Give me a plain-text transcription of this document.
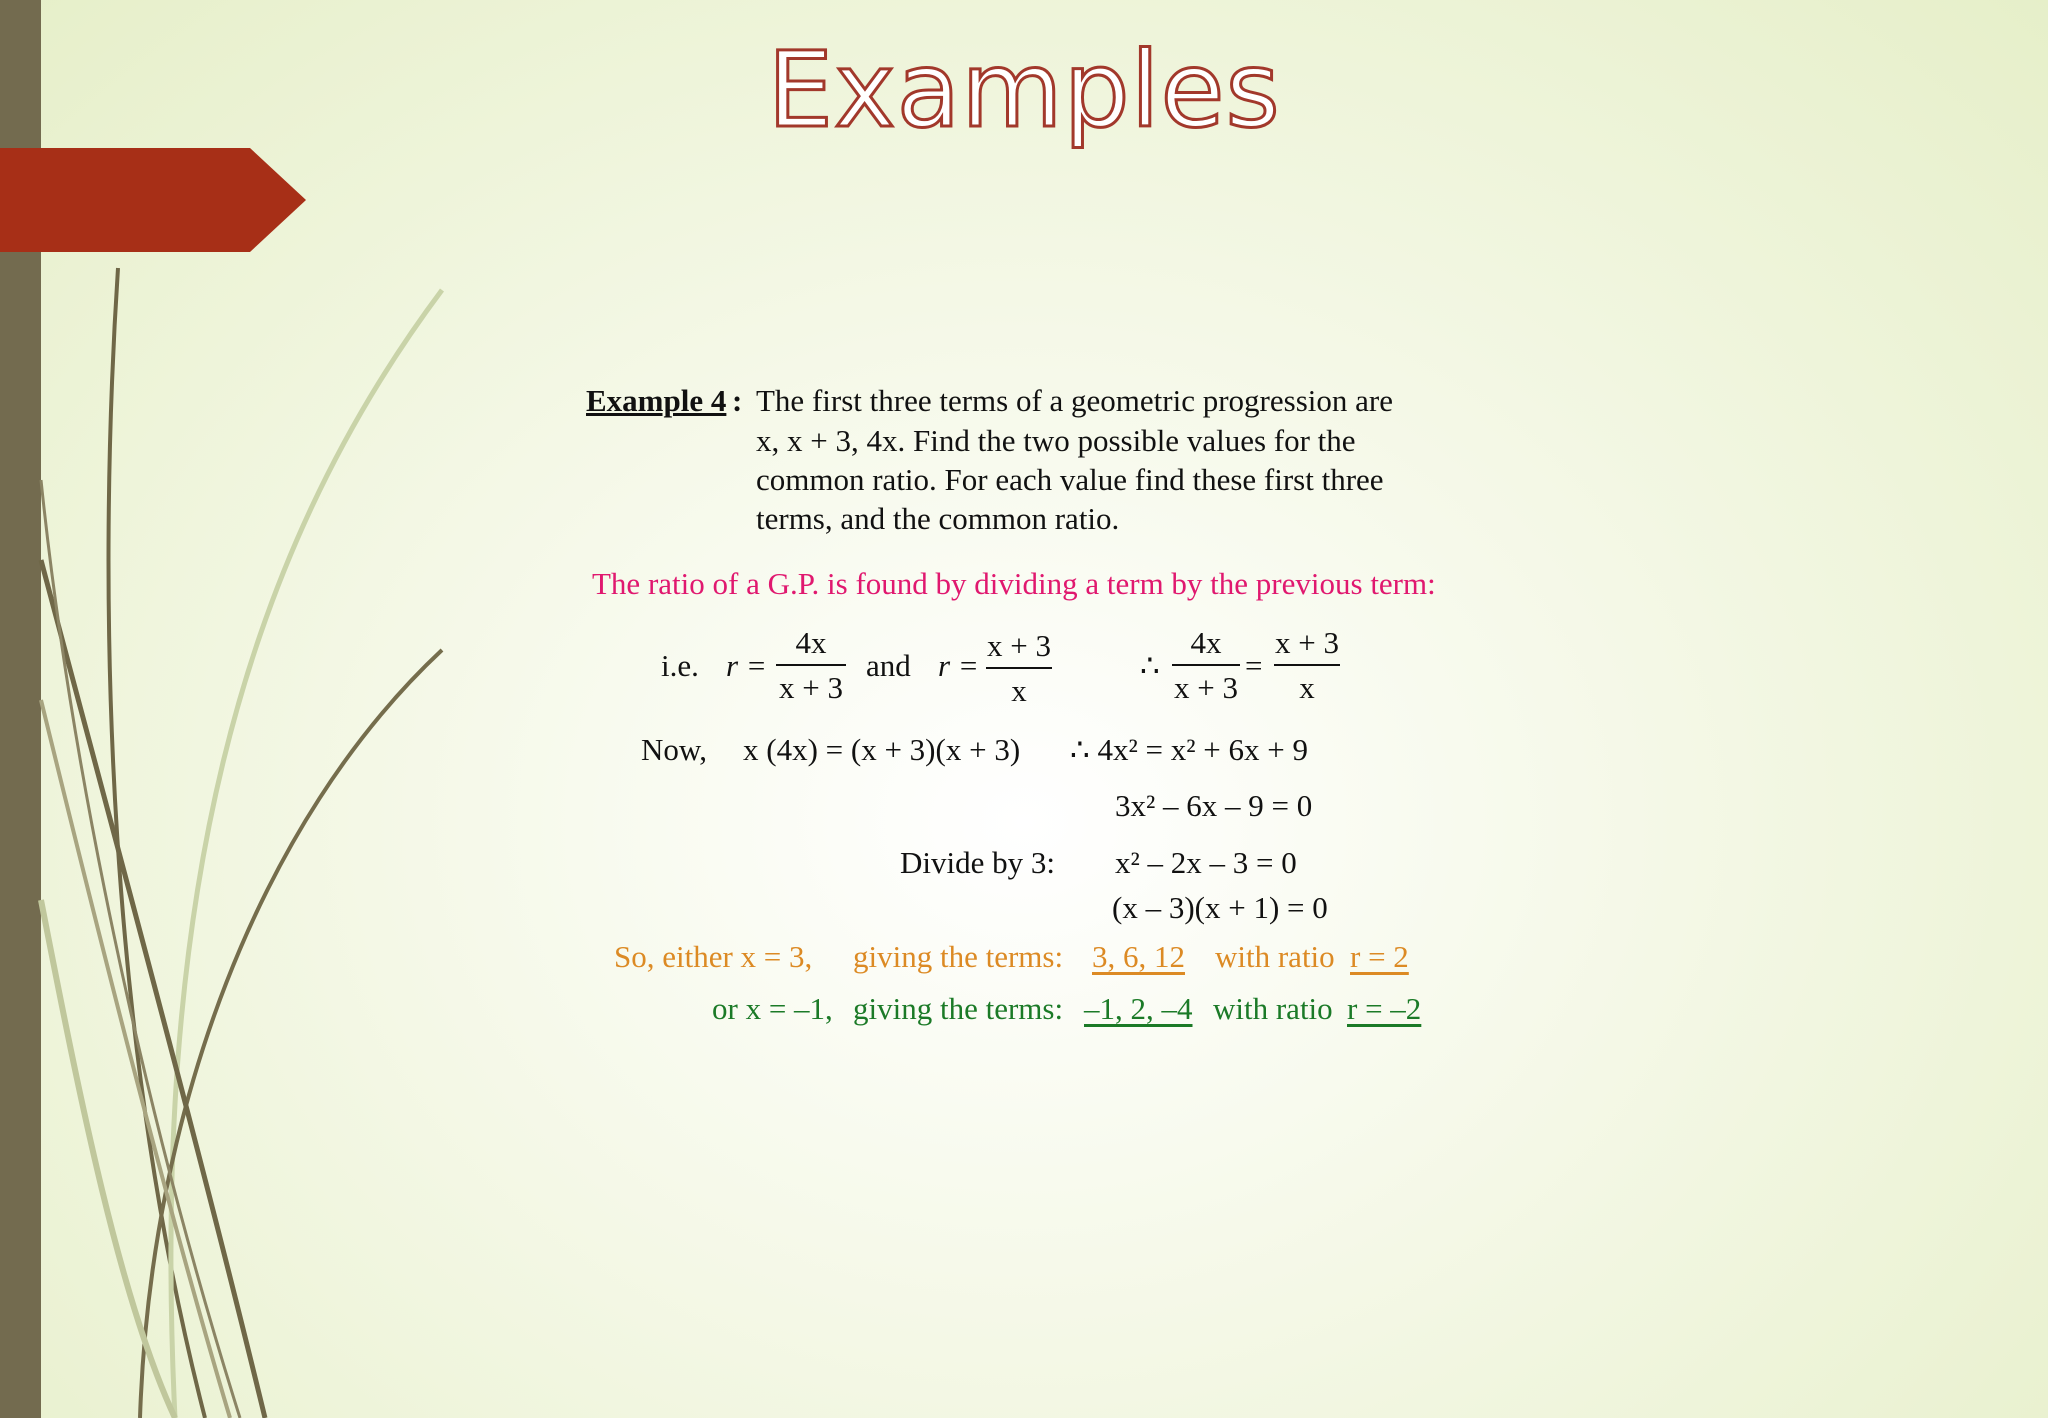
Examples
Example 4 : The first three terms of a geometric progression are
x, x + 3, 4x. Find the two possible values for the
common ratio. For each value find these first three
terms, and the common ratio.
The ratio of a G.P. is found by dividing a term by the previous term:
i.e. r =
4x
x + 3
and r =
x + 3
x
∴
4x
x + 3
=
x + 3
x
Now, x (4x) = (x + 3)(x + 3) ∴ 4x² = x² + 6x + 9
3x² – 6x – 9 = 0
Divide by 3: x² – 2x – 3 = 0
(x – 3)(x + 1) = 0
So, either x = 3, giving the terms: 3, 6, 12 with ratio r = 2
or x = –1, giving the terms: –1, 2, –4 with ratio r = –2
